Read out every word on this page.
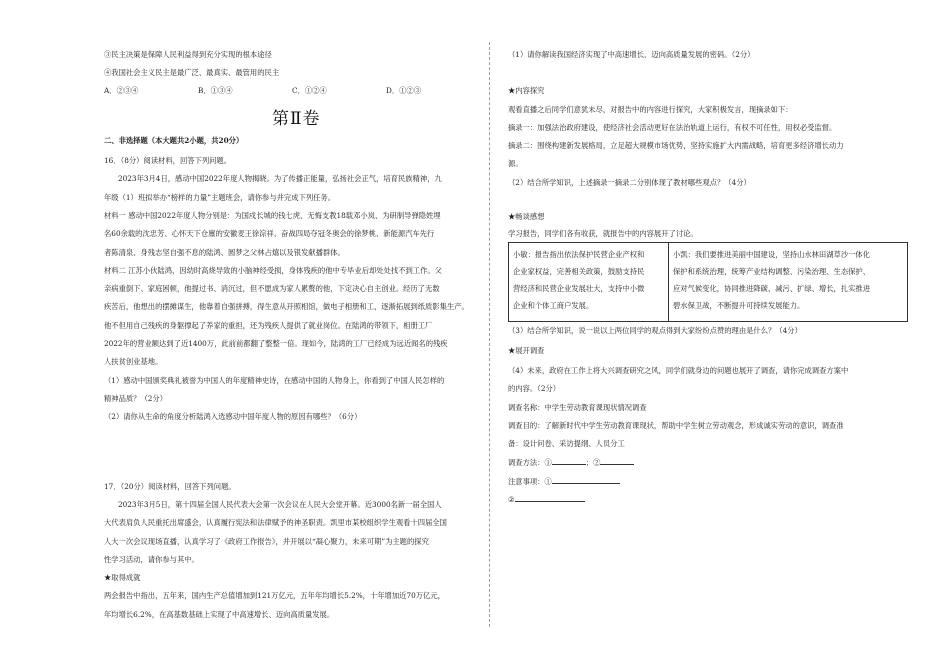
③民主决策是保障人民利益得到充分实现的根本途径
④我国社会主义民主是最广泛、最真实、最管用的民主
A．②③④	B．①③④	C．①②④	D．①②③
第Ⅱ卷
二、非选择题（本大题共2小题，共20分）
16．（8分）阅读材料，回答下列问题。
2023年3月4日，感动中国2022年度人物揭晓。为了传播正能量，弘扬社会正气，培育民族精神，九
年级（1）班拟举办“榜样的力量”主题班会，请你参与并完成下列任务。
材料一 感动中国2022年度人物分别是：为国戍长城的钱七虎、无悔支教18载邓小岚、为研制导弹隐姓埋
名60余载的沈忠芳、心怀天下仓廪的安徽麦王徐淙祥、奋战四局夺冠冬奥会的徐梦桃、新能源汽车先行
者陈清泉、身残志坚自强不息的陆鸿、圆梦之父林占熺以及银发献播群体。
材料二 江苏小伙陆鸿，因幼时高烧导致的小脑神经受损，身体残疾的他中专毕业后却处处找不到工作。父
亲病重倒下、家庭困顿，他提过书、消沉过，但不愿成为家人累赘的他，下定决心自主创业。经历了无数
疾苦后，他想出的摆摊谋生，他靠着自强拼搏，得生意从开照相馆，做电子相册和工，逐渐拓展到纸质影集生产。
他不但用自己残疾的身躯撑起了养家的重担，还为残疾人提供了就业岗位。在陆鸿的带领下，相册工厂
2022年的营业额达到了近1400万，此前前都翻了整整一倍。现如今，陆鸿的工厂已经成为远近闻名的残疾
人扶贫创业基地。
（1）感动中国颁奖典礼被誉为中国人的年度精神史诗，在感动中国的人物身上，你看到了中国人民怎样的
精神品质？（2分）
（2）请你从生命的角度分析陆鸿入选感动中国年度人物的原因有哪些？（6分）
17．（20分）阅读材料，回答下列问题。
2023年3月5日，第十四届全国人民代表大会第一次会议在人民大会堂开幕。近3000名新一届全国人
大代表肩负人民重托出席盛会，认真履行宪法和法律赋予的神圣职责。凯里市某校组织学生观看十四届全国
人大一次会议现场直播，认真学习了《政府工作报告》，并开展以“凝心聚力，未来可期”为主题的探究
性学习活动，请你参与其中。
★取得成就
两会报告中指出，五年来，国内生产总值增加到121万亿元，五年年均增长5.2%，十年增加近70万亿元，
年均增长6.2%，在高基数基础上实现了中高速增长、迈向高质量发展。
（1）请你解读我国经济实现了中高速增长、迈向高质量发展的密码。（2分）
★内容探究
观看直播之后同学们意犹未尽，对报告中的内容进行探究，大家积极发言，现摘录如下：
摘录一：加强法治政府建设，使经济社会活动更好在法治轨道上运行，有权不可任性，用权必受监督。
摘录二：围绕构建新发展格局，立足超大规模市场优势，坚持实施扩大内需战略，培育更多经济增长动力
源。
（2）结合所学知识，上述摘录一摘录二分别体现了教材哪些观点？（4分）
★畅谈感想
学习报告，同学们各有收获，就报告中的内容展开了讨论。
小敏：报告指出依法保护民营企业产权和
企业家权益，完善相关政策，鼓励支持民
营经济和民营企业发展壮大，支持中小微
企业和个体工商户发展。
小凯：我们要推进美丽中国建设，坚持山水林田湖草沙一体化
保护和系统治理，统筹产业结构调整、污染治理、生态保护、
应对气候变化，协同推进降碳、减污、扩绿、增长，扎实推进
碧水保卫战，不断提升可持续发展能力。
（3）结合所学知识，说一说以上两位同学的观点得到大家纷纷点赞的理由是什么？（4分）
★展开调查
（4）未来，政府在工作上将大兴调查研究之风，同学们就身边的问题也展开了调查，请你完成调查方案中
的内容。（2分）
调查名称：中学生劳动教育课现状情况调查
调查目的：了解新时代中学生劳动教育课现状，帮助中学生树立劳动观念，形成诚实劳动的意识，调查准
备：设计问卷、采访提纲、人员分工
调查方法：①	；②
注意事项：①
②
